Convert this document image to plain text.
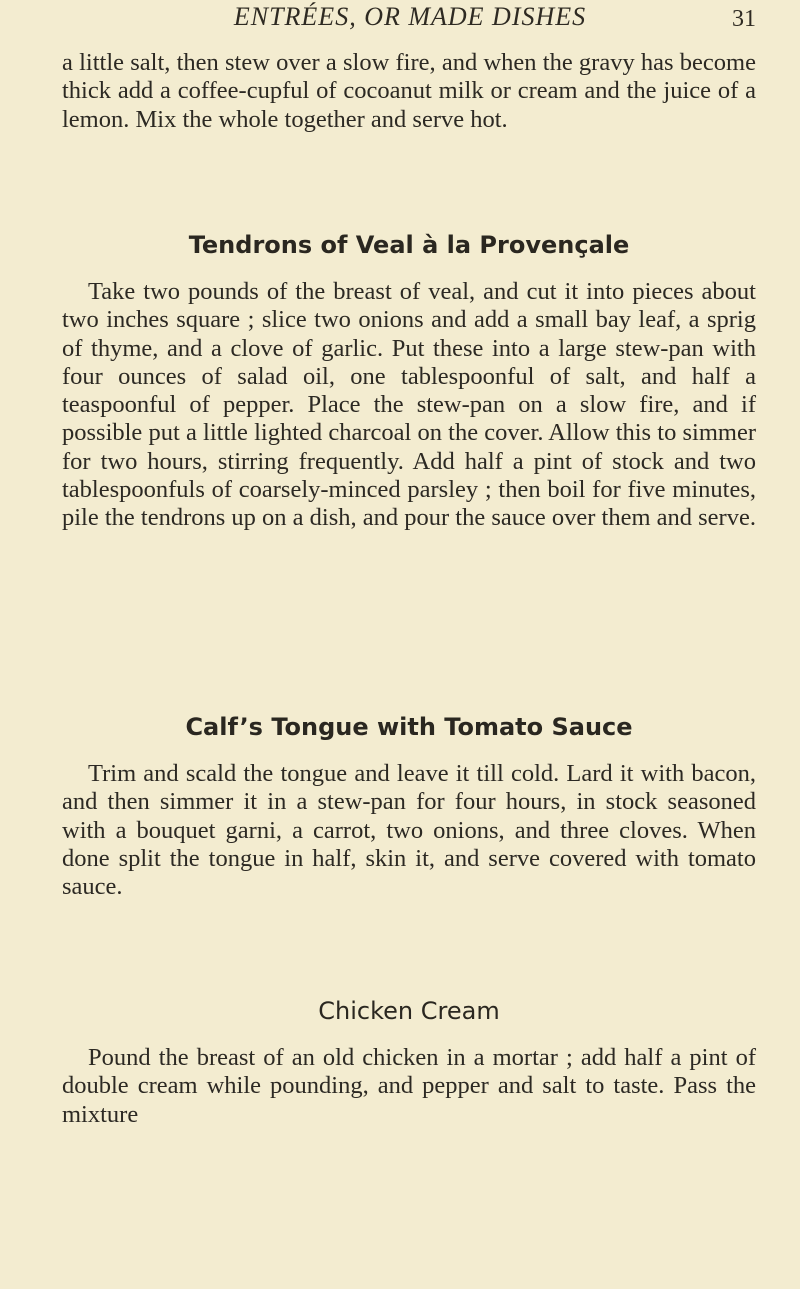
ENTRÉES, OR MADE DISHES	31

a little salt, then stew over a slow fire, and when the gravy has become thick add a coffee-cupful of cocoanut milk or cream and the juice of a lemon. Mix the whole together and serve hot.

Tendrons of Veal à la Provençale

Take two pounds of the breast of veal, and cut it into pieces about two inches square ; slice two onions and add a small bay leaf, a sprig of thyme, and a clove of garlic. Put these into a large stew-pan with four ounces of salad oil, one tablespoonful of salt, and half a teaspoonful of pepper. Place the stew-pan on a slow fire, and if possible put a little lighted charcoal on the cover. Allow this to simmer for two hours, stirring frequently. Add half a pint of stock and two tablespoonfuls of coarsely-minced parsley ; then boil for five minutes, pile the tendrons up on a dish, and pour the sauce over them and serve.

Calf’s Tongue with Tomato Sauce

Trim and scald the tongue and leave it till cold. Lard it with bacon, and then simmer it in a stew-pan for four hours, in stock seasoned with a bouquet garni, a carrot, two onions, and three cloves. When done split the tongue in half, skin it, and serve covered with tomato sauce.

Chicken Cream

Pound the breast of an old chicken in a mortar ; add half a pint of double cream while pounding, and pepper and salt to taste. Pass the mixture
